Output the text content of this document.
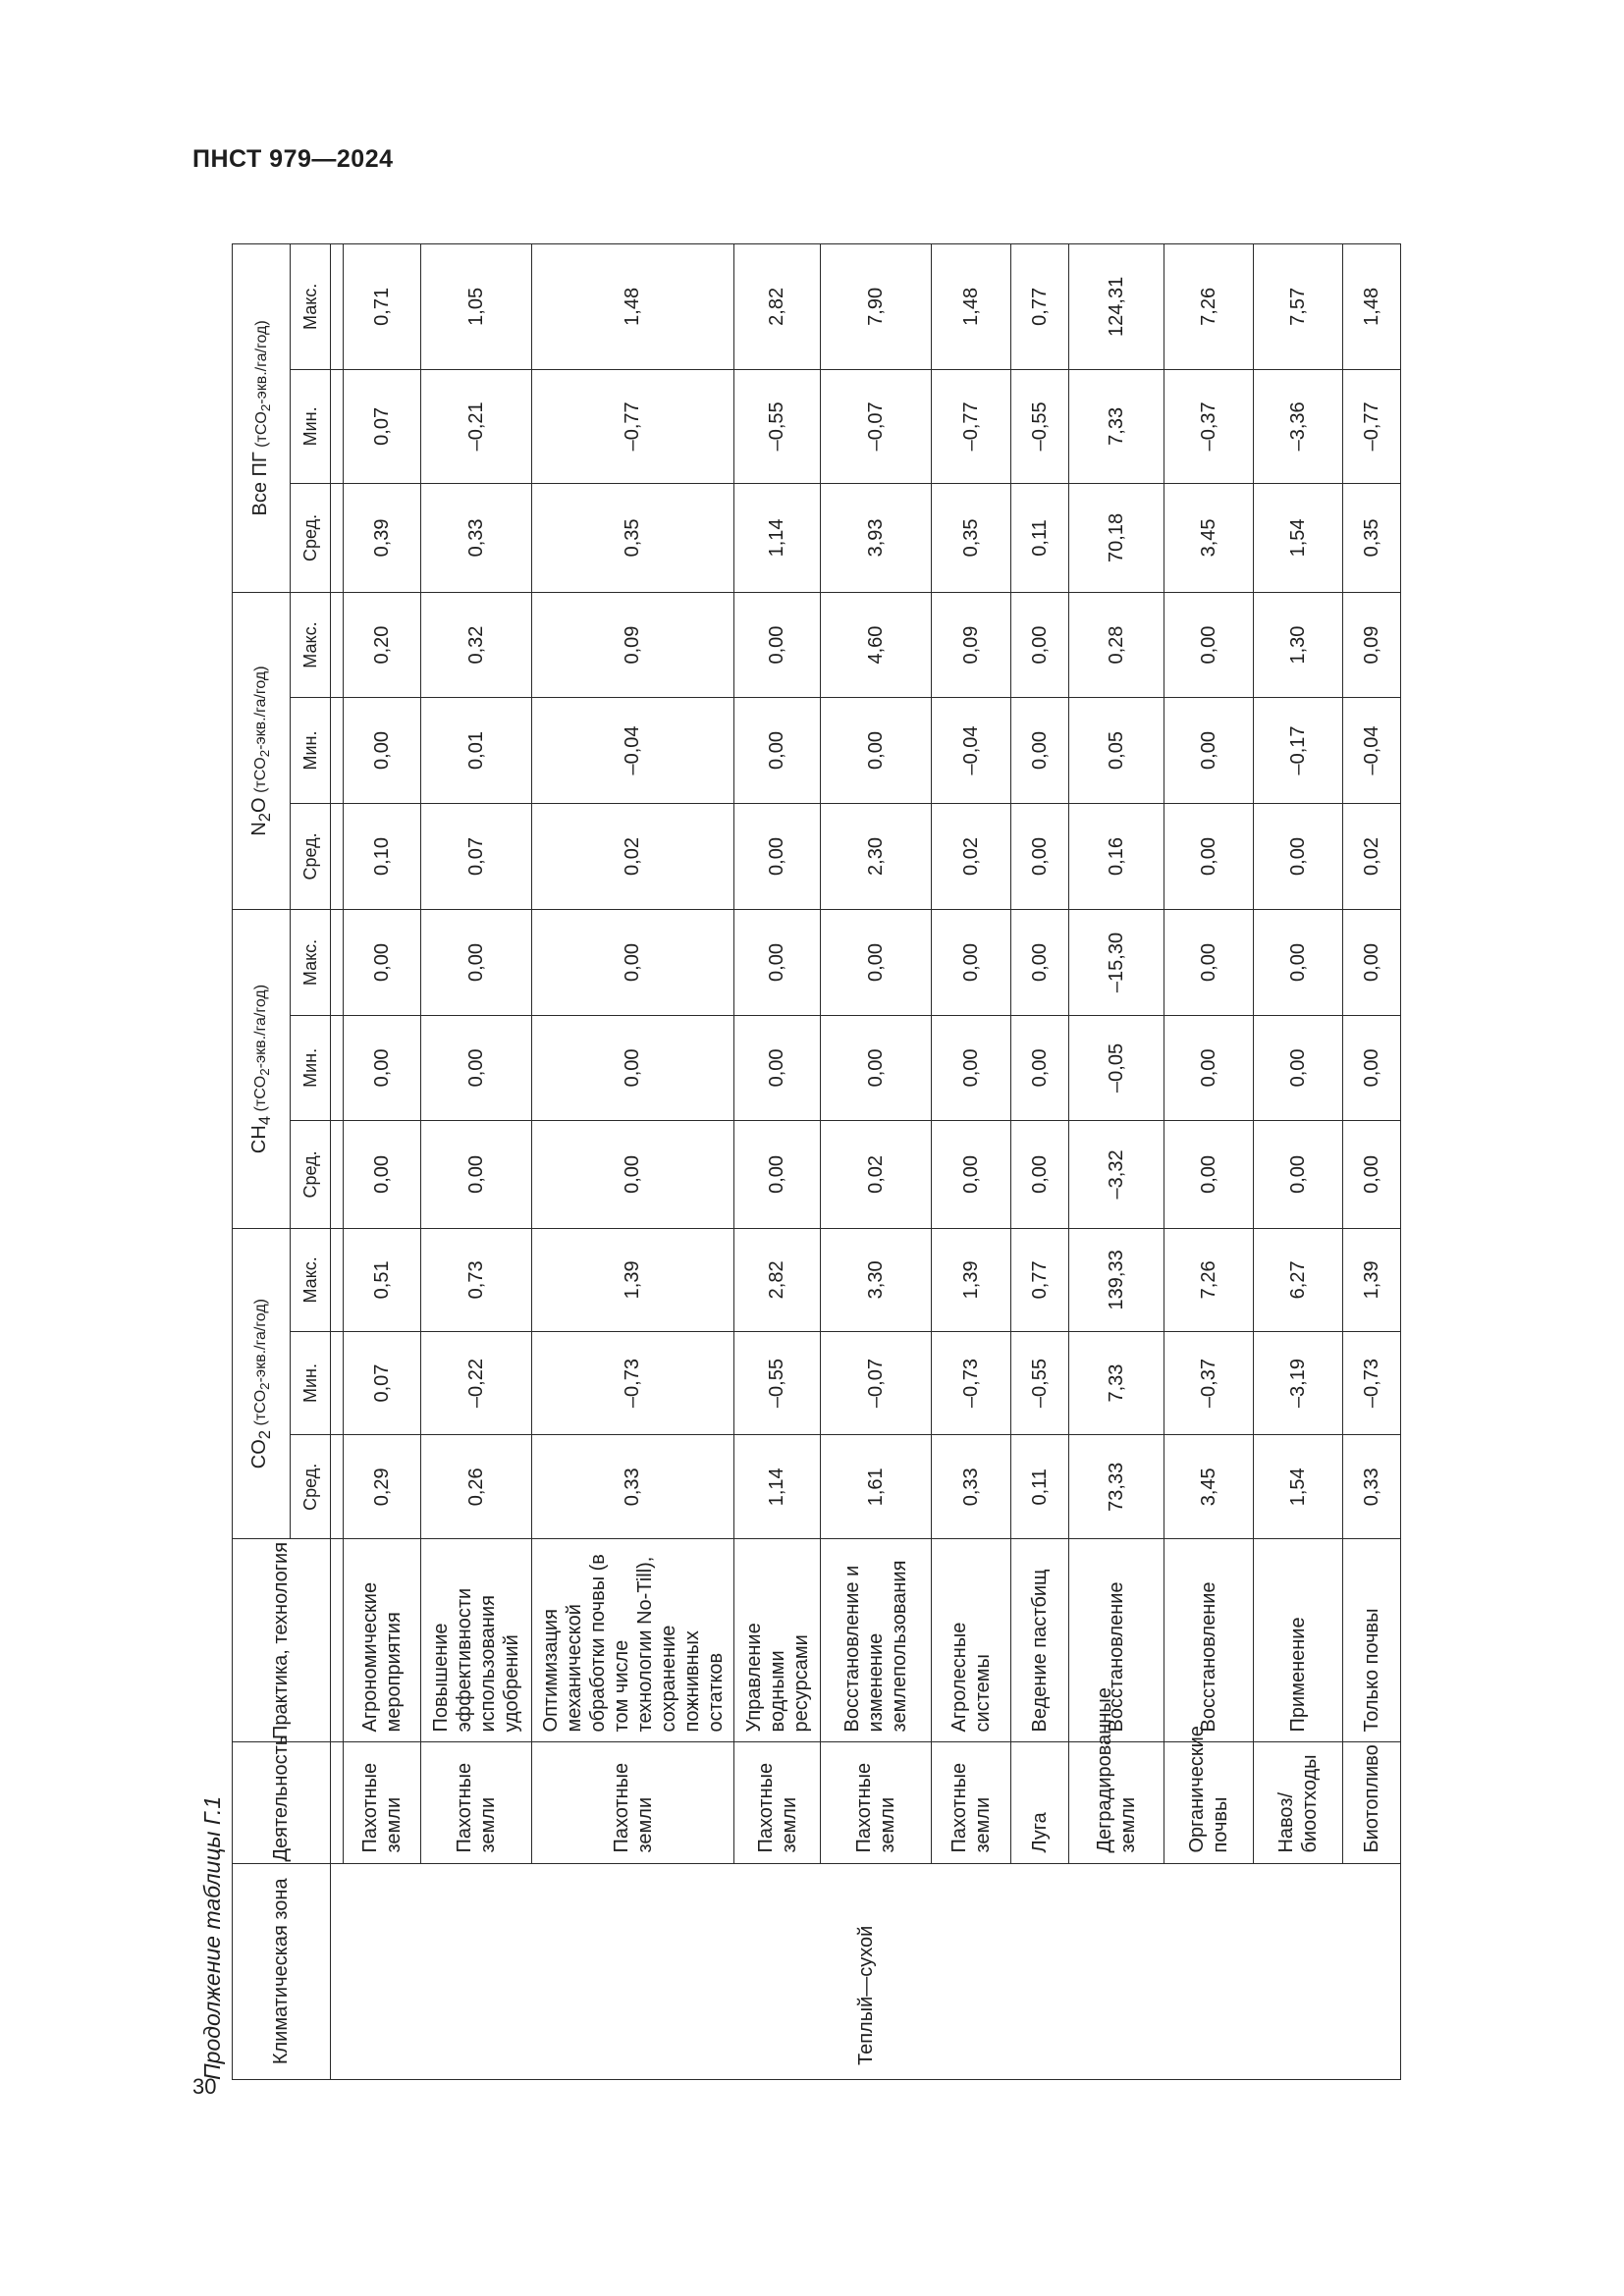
ПНСТ 979—2024
Продолжение таблицы Г.1	Климатическая зона	Деятельность	Практика, технология	$CO_2$ (тCO$_2$-экв./га/год)			$CH_4$ (тCO$_2$-экв./га/год)			$N_2O$ (тCO$_2$-экв./га/год)			Все ПГ (тCO$_2$-экв./га/год)		
			Сред.	Мин.	Макс.	Сред.	Мин.	Макс.	Сред.	Мин.	Макс.	Сред.	Мин.	Макс.
Теплый—сухой														
	Пахотные земли	Агрономические мероприятия	0,29	0,07	0,51	0,00	0,00	0,00	0,10	0,00	0,20	0,39	0,07	0,71
	Пахотные земли	Повышение эффективности использования удобрений	0,26	–0,22	0,73	0,00	0,00	0,00	0,07	0,01	0,32	0,33	–0,21	1,05
	Пахотные земли	Оптимизация механической обработки почвы (в том числе технологии No-Till), сохранение пожнивных остатков	0,33	–0,73	1,39	0,00	0,00	0,00	0,02	–0,04	0,09	0,35	–0,77	1,48
	Пахотные земли	Управление водными ресурсами	1,14	–0,55	2,82	0,00	0,00	0,00	0,00	0,00	0,00	1,14	–0,55	2,82
	Пахотные земли	Восстановление и изменение землепользования	1,61	–0,07	3,30	0,02	0,00	0,00	2,30	0,00	4,60	3,93	–0,07	7,90
	Пахотные земли	Агролесные системы	0,33	–0,73	1,39	0,00	0,00	0,00	0,02	–0,04	0,09	0,35	–0,77	1,48
	Луга	Ведение пастбищ	0,11	–0,55	0,77	0,00	0,00	0,00	0,00	0,00	0,00	0,11	–0,55	0,77
	Деградированные земли	Восстановление	73,33	7,33	139,33	–3,32	–0,05	–15,30	0,16	0,05	0,28	70,18	7,33	124,31
	Органические почвы	Восстановление	3,45	–0,37	7,26	0,00	0,00	0,00	0,00	0,00	0,00	3,45	–0,37	7,26
	Навоз/ биоотходы	Применение	1,54	–3,19	6,27	0,00	0,00	0,00	0,00	–0,17	1,30	1,54	–3,36	7,57
	Биотопливо	Только почвы	0,33	–0,73	1,39	0,00	0,00	0,00	0,02	–0,04	0,09	0,35	–0,77	1,48
30
